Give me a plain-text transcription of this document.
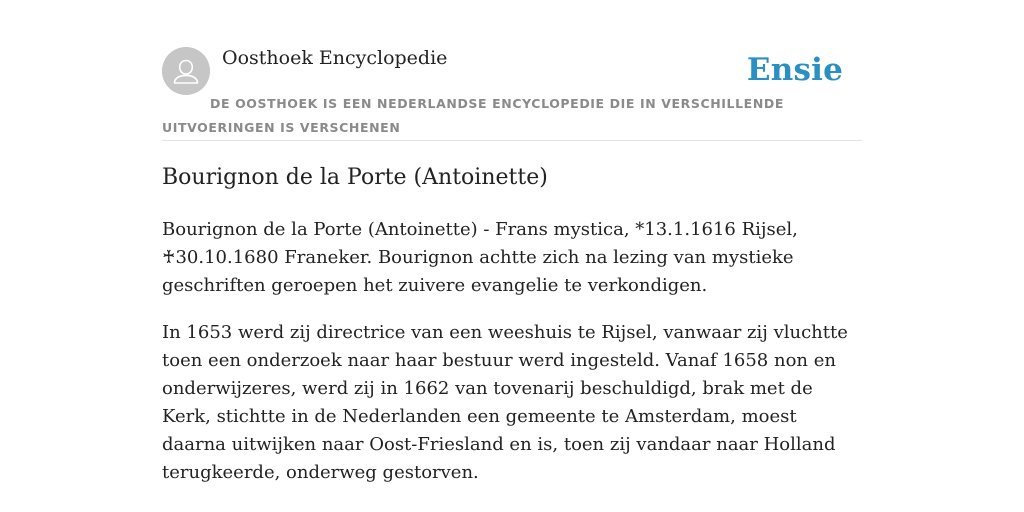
Oosthoek Encyclopedie	Ensie
DE OOSTHOEK IS EEN NEDERLANDSE ENCYCLOPEDIE DIE IN VERSCHILLENDE UITVOERINGEN IS VERSCHENEN
Bourignon de la Porte (Antoinette)

Bourignon de la Porte (Antoinette) - Frans mystica, *13.1.1616 Rijsel, ♰30.10.1680 Franeker. Bourignon achtte zich na lezing van mystieke geschriften geroepen het zuivere evangelie te verkondigen.

In 1653 werd zij directrice van een weeshuis te Rijsel, vanwaar zij vluchtte toen een onderzoek naar haar bestuur werd ingesteld. Vanaf 1658 non en onderwijzeres, werd zij in 1662 van tovenarij beschuldigd, brak met de Kerk, stichtte in de Nederlanden een gemeente te Amsterdam, moest daarna uitwijken naar Oost-Friesland en is, toen zij vandaar naar Holland terugkeerde, onderweg gestorven.
